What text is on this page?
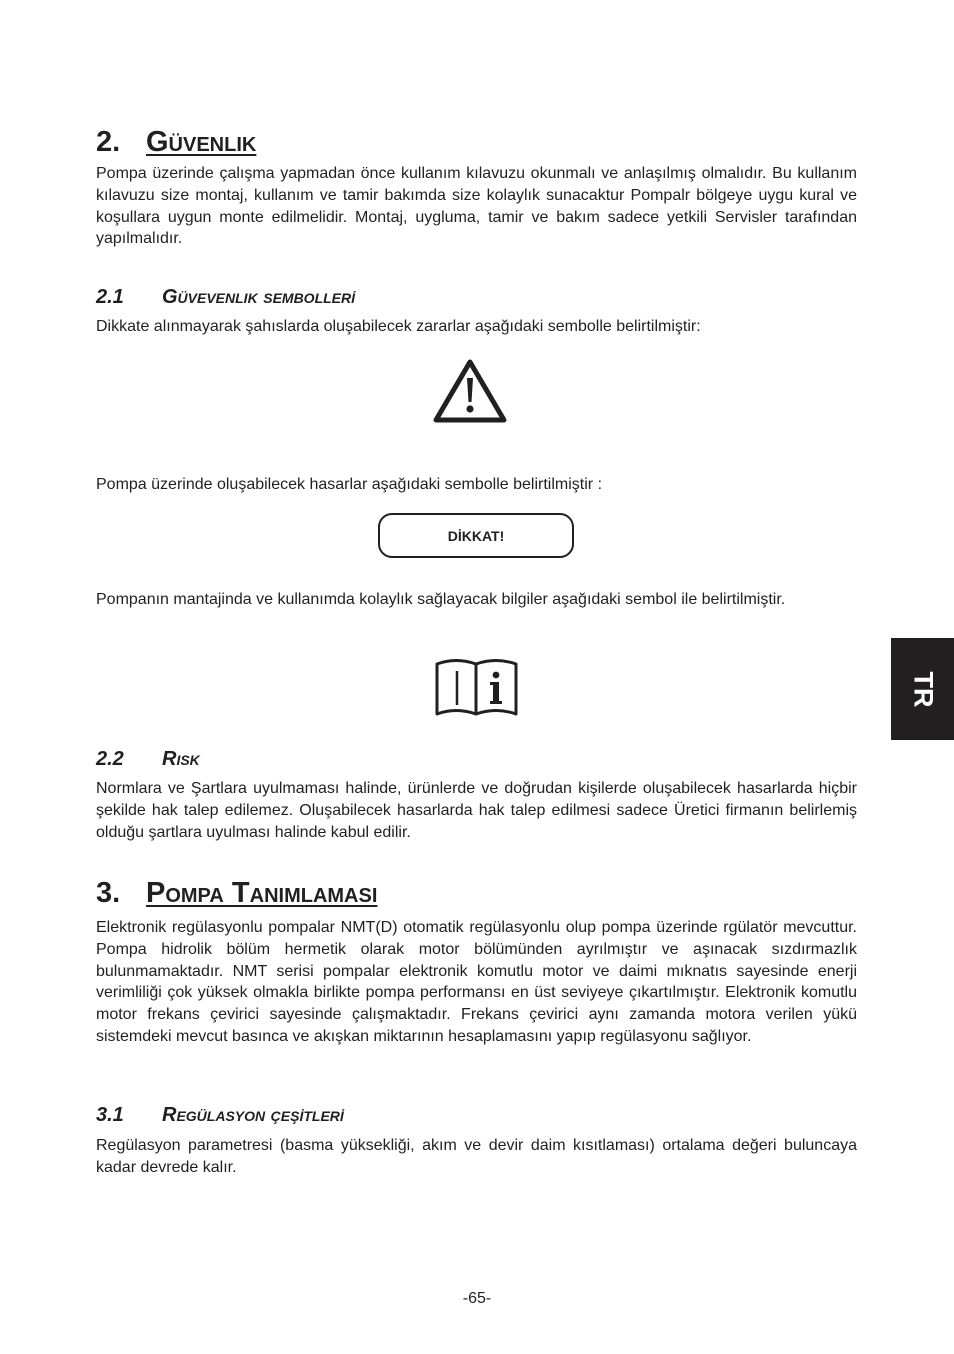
2. Güvenlik

Pompa üzerinde çalışma yapmadan önce kullanım kılavuzu okunmalı ve anlaşılmış olmalıdır. Bu kullanım kılavuzu size montaj, kullanım ve tamir bakımda size kolaylık sunacaktur Pompalr bölgeye uygu kural ve koşullara uygun monte edilmelidir. Montaj, uygluma, tamir ve bakım sadece yetkili Servisler tarafından yapılmalıdır.

2.1 Güvevenlik sembolleri̇

Dikkate alınmayarak şahıslarda oluşabilecek zararlar aşağıdaki sembolle belirtilmiştir:

Pompa üzerinde oluşabilecek hasarlar aşağıdaki sembolle belirtilmiştir :

DİKKAT!

Pompanın mantajinda ve kullanımda kolaylık sağlayacak bilgiler aşağıdaki sembol ile belirtilmiştir.

2.2 Risk

Normlara ve Şartlara uyulmaması halinde, ürünlerde ve doğrudan kişilerde oluşabilecek hasarlarda hiçbir şekilde hak talep edilemez. Oluşabilecek hasarlarda hak talep edilmesi sadece Üretici firmanın belirlemiş olduğu şartlara uyulması halinde kabul edilir.

3. Pompa Tanimlamasi

Elektronik regülasyonlu pompalar NMT(D) otomatik regülasyonlu olup pompa üzerinde rgülatör mevcuttur. Pompa hidrolik bölüm hermetik olarak motor bölümünden ayrılmıştır ve aşınacak sızdırmazlık bulunmamaktadır. NMT serisi pompalar elektronik komutlu motor ve daimi mıknatıs sayesinde enerji verimliliği çok yüksek olmakla birlikte pompa performansı en üst seviyeye çıkartılmıştır. Elektronik komutlu motor frekans çevirici sayesinde çalışmaktadır. Frekans çevirici aynı zamanda motora verilen yükü sistemdeki mevcut basınca ve akışkan miktarının hesaplamasını yapıp regülasyonu sağlıyor.

3.1 Regülasyon çeşi̇tleri̇

Regülasyon parametresi (basma yüksekliği, akım ve devir daim kısıtlaması) ortalama değeri buluncaya kadar devrede kalır.

TR
-65-
